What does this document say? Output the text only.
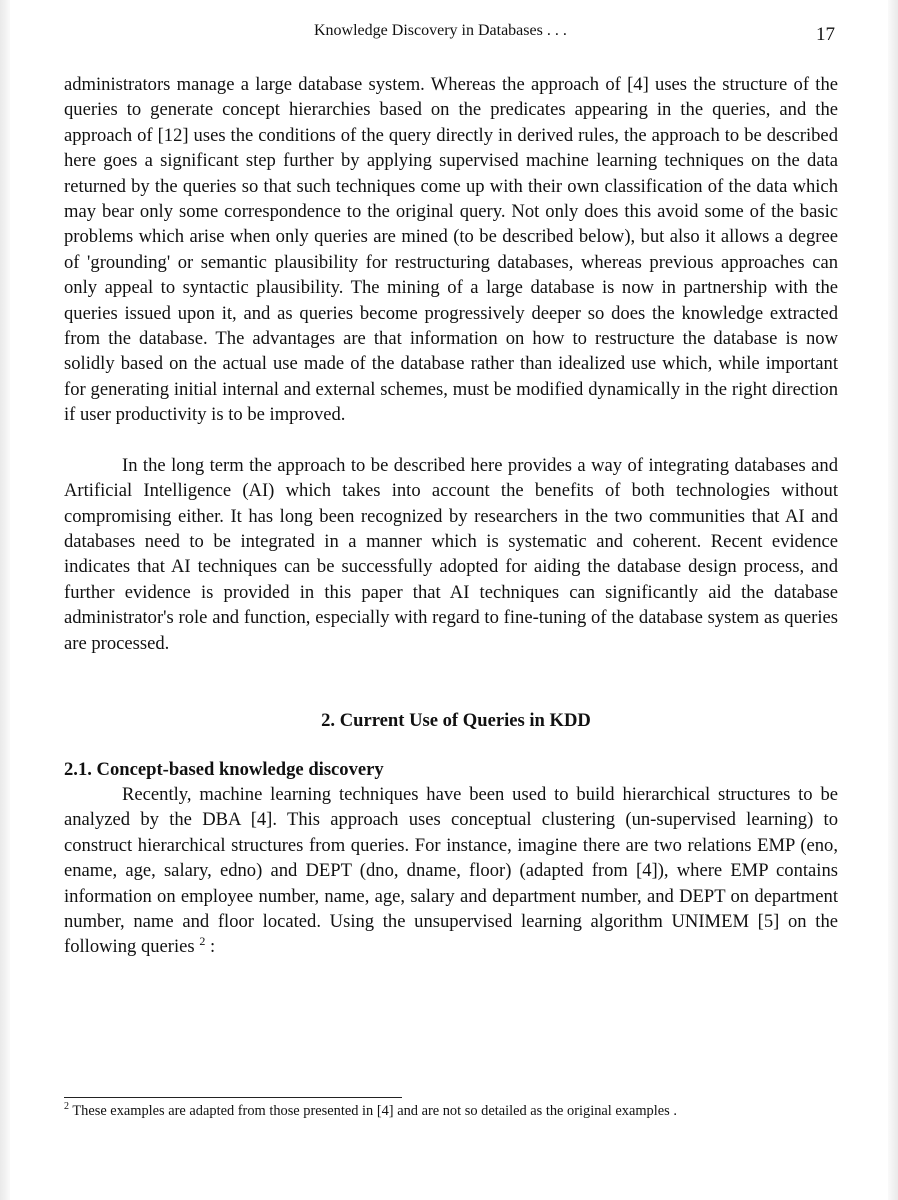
Knowledge Discovery in Databases . . .	17

administrators manage a large database system. Whereas the approach of [4] uses the structure of the queries to generate concept hierarchies based on the predicates appearing in the queries, and the approach of [12] uses the conditions of the query directly in derived rules, the approach to be described here goes a significant step further by applying supervised machine learning techniques on the data returned by the queries so that such techniques come up with their own classification of the data which may bear only some correspondence to the original query. Not only does this avoid some of the basic problems which arise when only queries are mined (to be described below), but also it allows a degree of 'grounding' or semantic plausibility for restructuring databases, whereas previous approaches can only appeal to syntactic plausibility. The mining of a large database is now in partnership with the queries issued upon it, and as queries become progressively deeper so does the knowledge extracted from the database. The advantages are that information on how to restructure the database is now solidly based on the actual use made of the database rather than idealized use which, while important for generating initial internal and external schemes, must be modified dynamically in the right direction if user productivity is to be improved.

In the long term the approach to be described here provides a way of integrating databases and Artificial Intelligence (AI) which takes into account the benefits of both technologies without compromising either. It has long been recognized by researchers in the two communities that AI and databases need to be integrated in a manner which is systematic and coherent. Recent evidence indicates that AI techniques can be successfully adopted for aiding the database design process, and further evidence is provided in this paper that AI techniques can significantly aid the database administrator's role and function, especially with regard to fine-tuning of the database system as queries are processed.

2. Current Use of Queries in KDD
2.1. Concept-based knowledge discovery

Recently, machine learning techniques have been used to build hierarchical structures to be analyzed by the DBA [4]. This approach uses conceptual clustering (un-supervised learning) to construct hierarchical structures from queries. For instance, imagine there are two relations EMP (eno, ename, age, salary, edno) and DEPT (dno, dname, floor) (adapted from [4]), where EMP contains information on employee number, name, age, salary and department number, and DEPT on department number, name and floor located. Using the unsupervised learning algorithm UNIMEM [5] on the following queries $^2$ :

$^2$ These examples are adapted from those presented in [4] and are not so detailed as the original examples .
